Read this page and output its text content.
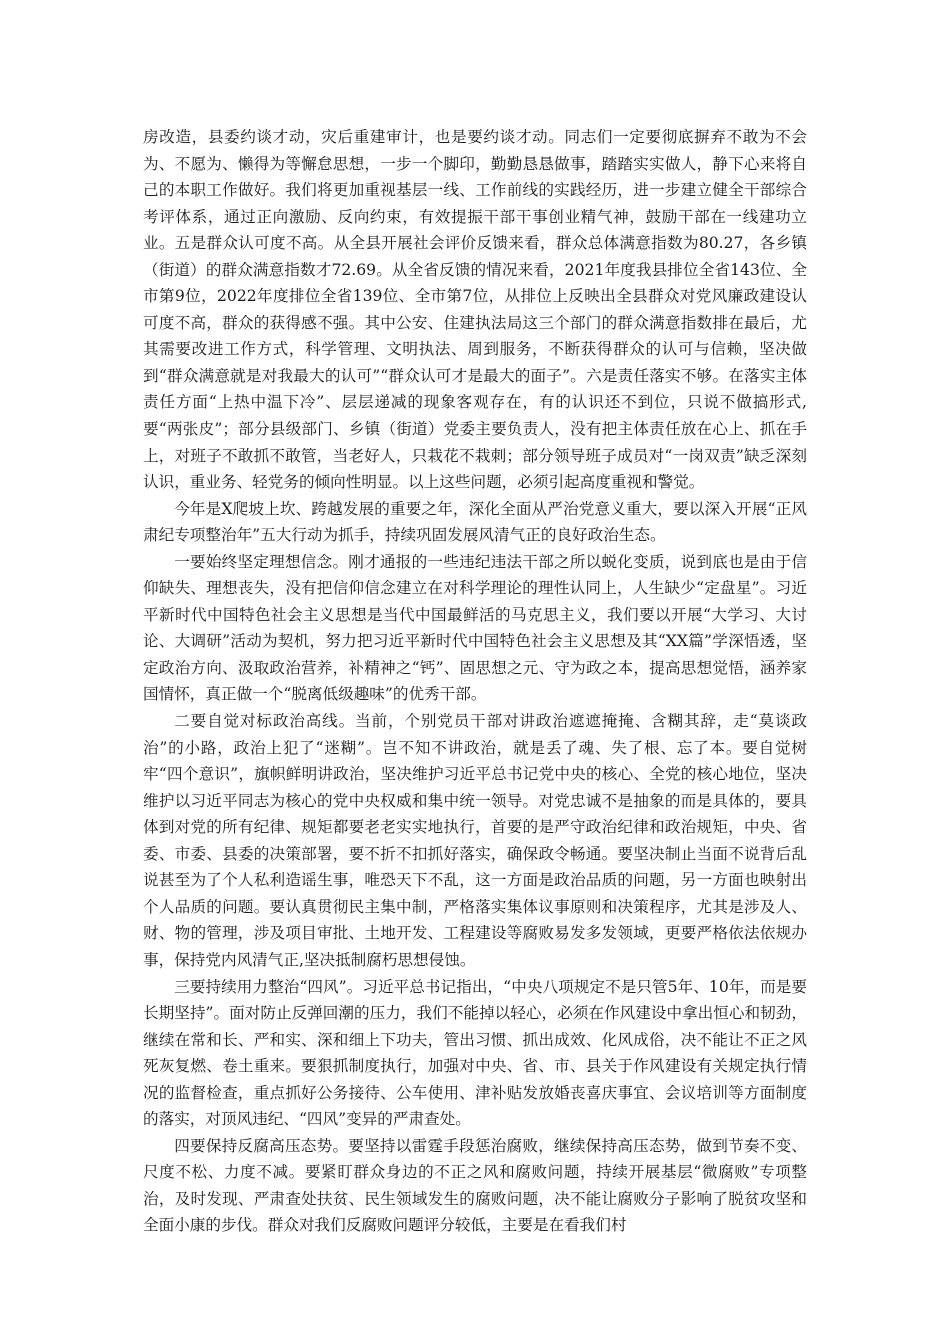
房改造，县委约谈才动，灾后重建审计，也是要约谈才动。同志们一定要彻底摒弃不敢为不会为、不愿为、懒得为等懈怠思想，一步一个脚印，勤勤恳恳做事，踏踏实实做人，静下心来将自己的本职工作做好。我们将更加重视基层一线、工作前线的实践经历，进一步建立健全干部综合考评体系，通过正向激励、反向约束，有效提振干部干事创业精气神，鼓励干部在一线建功立业。五是群众认可度不高。从全县开展社会评价反馈来看，群众总体满意指数为80.27，各乡镇（街道）的群众满意指数才72.69。从全省反馈的情况来看，2021年度我县排位全省143位、全市第9位，2022年度排位全省139位、全市第7位，从排位上反映出全县群众对党风廉政建设认可度不高，群众的获得感不强。其中公安、住建执法局这三个部门的群众满意指数排在最后，尤其需要改进工作方式，科学管理、文明执法、周到服务，不断获得群众的认可与信赖，坚决做到“群众满意就是对我最大的认可”“群众认可才是最大的面子”。六是责任落实不够。在落实主体责任方面“上热中温下冷”、层层递减的现象客观存在，有的认识还不到位，只说不做搞形式,要“两张皮”；部分县级部门、乡镇（街道）党委主要负责人，没有把主体责任放在心上、抓在手上，对班子不敢抓不敢管，当老好人，只栽花不栽刺；部分领导班子成员对“一岗双责”缺乏深刻认识，重业务、轻党务的倾向性明显。以上这些问题，必须引起高度重视和警觉。

今年是X爬坡上坎、跨越发展的重要之年，深化全面从严治党意义重大，要以深入开展“正风肃纪专项整治年”五大行动为抓手，持续巩固发展风清气正的良好政治生态。

一要始终坚定理想信念。刚才通报的一些违纪违法干部之所以蜕化变质，说到底也是由于信仰缺失、理想丧失，没有把信仰信念建立在对科学理论的理性认同上，人生缺少“定盘星”。习近平新时代中国特色社会主义思想是当代中国最鲜活的马克思主义，我们要以开展“大学习、大讨论、大调研”活动为契机，努力把习近平新时代中国特色社会主义思想及其“XX篇”学深悟透，坚定政治方向、汲取政治营养，补精神之“钙”、固思想之元、守为政之本，提高思想觉悟，涵养家国情怀，真正做一个“脱离低级趣味”的优秀干部。

二要自觉对标政治高线。当前，个别党员干部对讲政治遮遮掩掩、含糊其辞，走“莫谈政治”的小路，政治上犯了“迷糊”。岂不知不讲政治，就是丢了魂、失了根、忘了本。要自觉树牢“四个意识”，旗帜鲜明讲政治，坚决维护习近平总书记党中央的核心、全党的核心地位，坚决维护以习近平同志为核心的党中央权威和集中统一领导。对党忠诚不是抽象的而是具体的，要具体到对党的所有纪律、规矩都要老老实实地执行，首要的是严守政治纪律和政治规矩，中央、省委、市委、县委的决策部署，要不折不扣抓好落实，确保政令畅通。要坚决制止当面不说背后乱说甚至为了个人私利造谣生事，唯恐天下不乱，这一方面是政治品质的问题，另一方面也映射出个人品质的问题。要认真贯彻民主集中制，严格落实集体议事原则和决策程序，尤其是涉及人、财、物的管理，涉及项目审批、土地开发、工程建设等腐败易发多发领域，更要严格依法依规办事，保持党内风清气正,坚决抵制腐朽思想侵蚀。

三要持续用力整治“四风”。习近平总书记指出，“中央八项规定不是只管5年、10年，而是要长期坚持”。面对防止反弹回潮的压力，我们不能掉以轻心，必须在作风建设中拿出恒心和韧劲，继续在常和长、严和实、深和细上下功夫，管出习惯、抓出成效、化风成俗，决不能让不正之风死灰复燃、卷土重来。要狠抓制度执行，加强对中央、省、市、县关于作风建设有关规定执行情况的监督检查，重点抓好公务接待、公车使用、津补贴发放婚丧喜庆事宜、会议培训等方面制度的落实，对顶风违纪、“四风”变异的严肃查处。

四要保持反腐高压态势。要坚持以雷霆手段惩治腐败，继续保持高压态势，做到节奏不变、尺度不松、力度不减。要紧盯群众身边的不正之风和腐败问题，持续开展基层“微腐败”专项整治，及时发现、严肃查处扶贫、民生领域发生的腐败问题，决不能让腐败分子影响了脱贫攻坚和全面小康的步伐。群众对我们反腐败问题评分较低，主要是在看我们村
